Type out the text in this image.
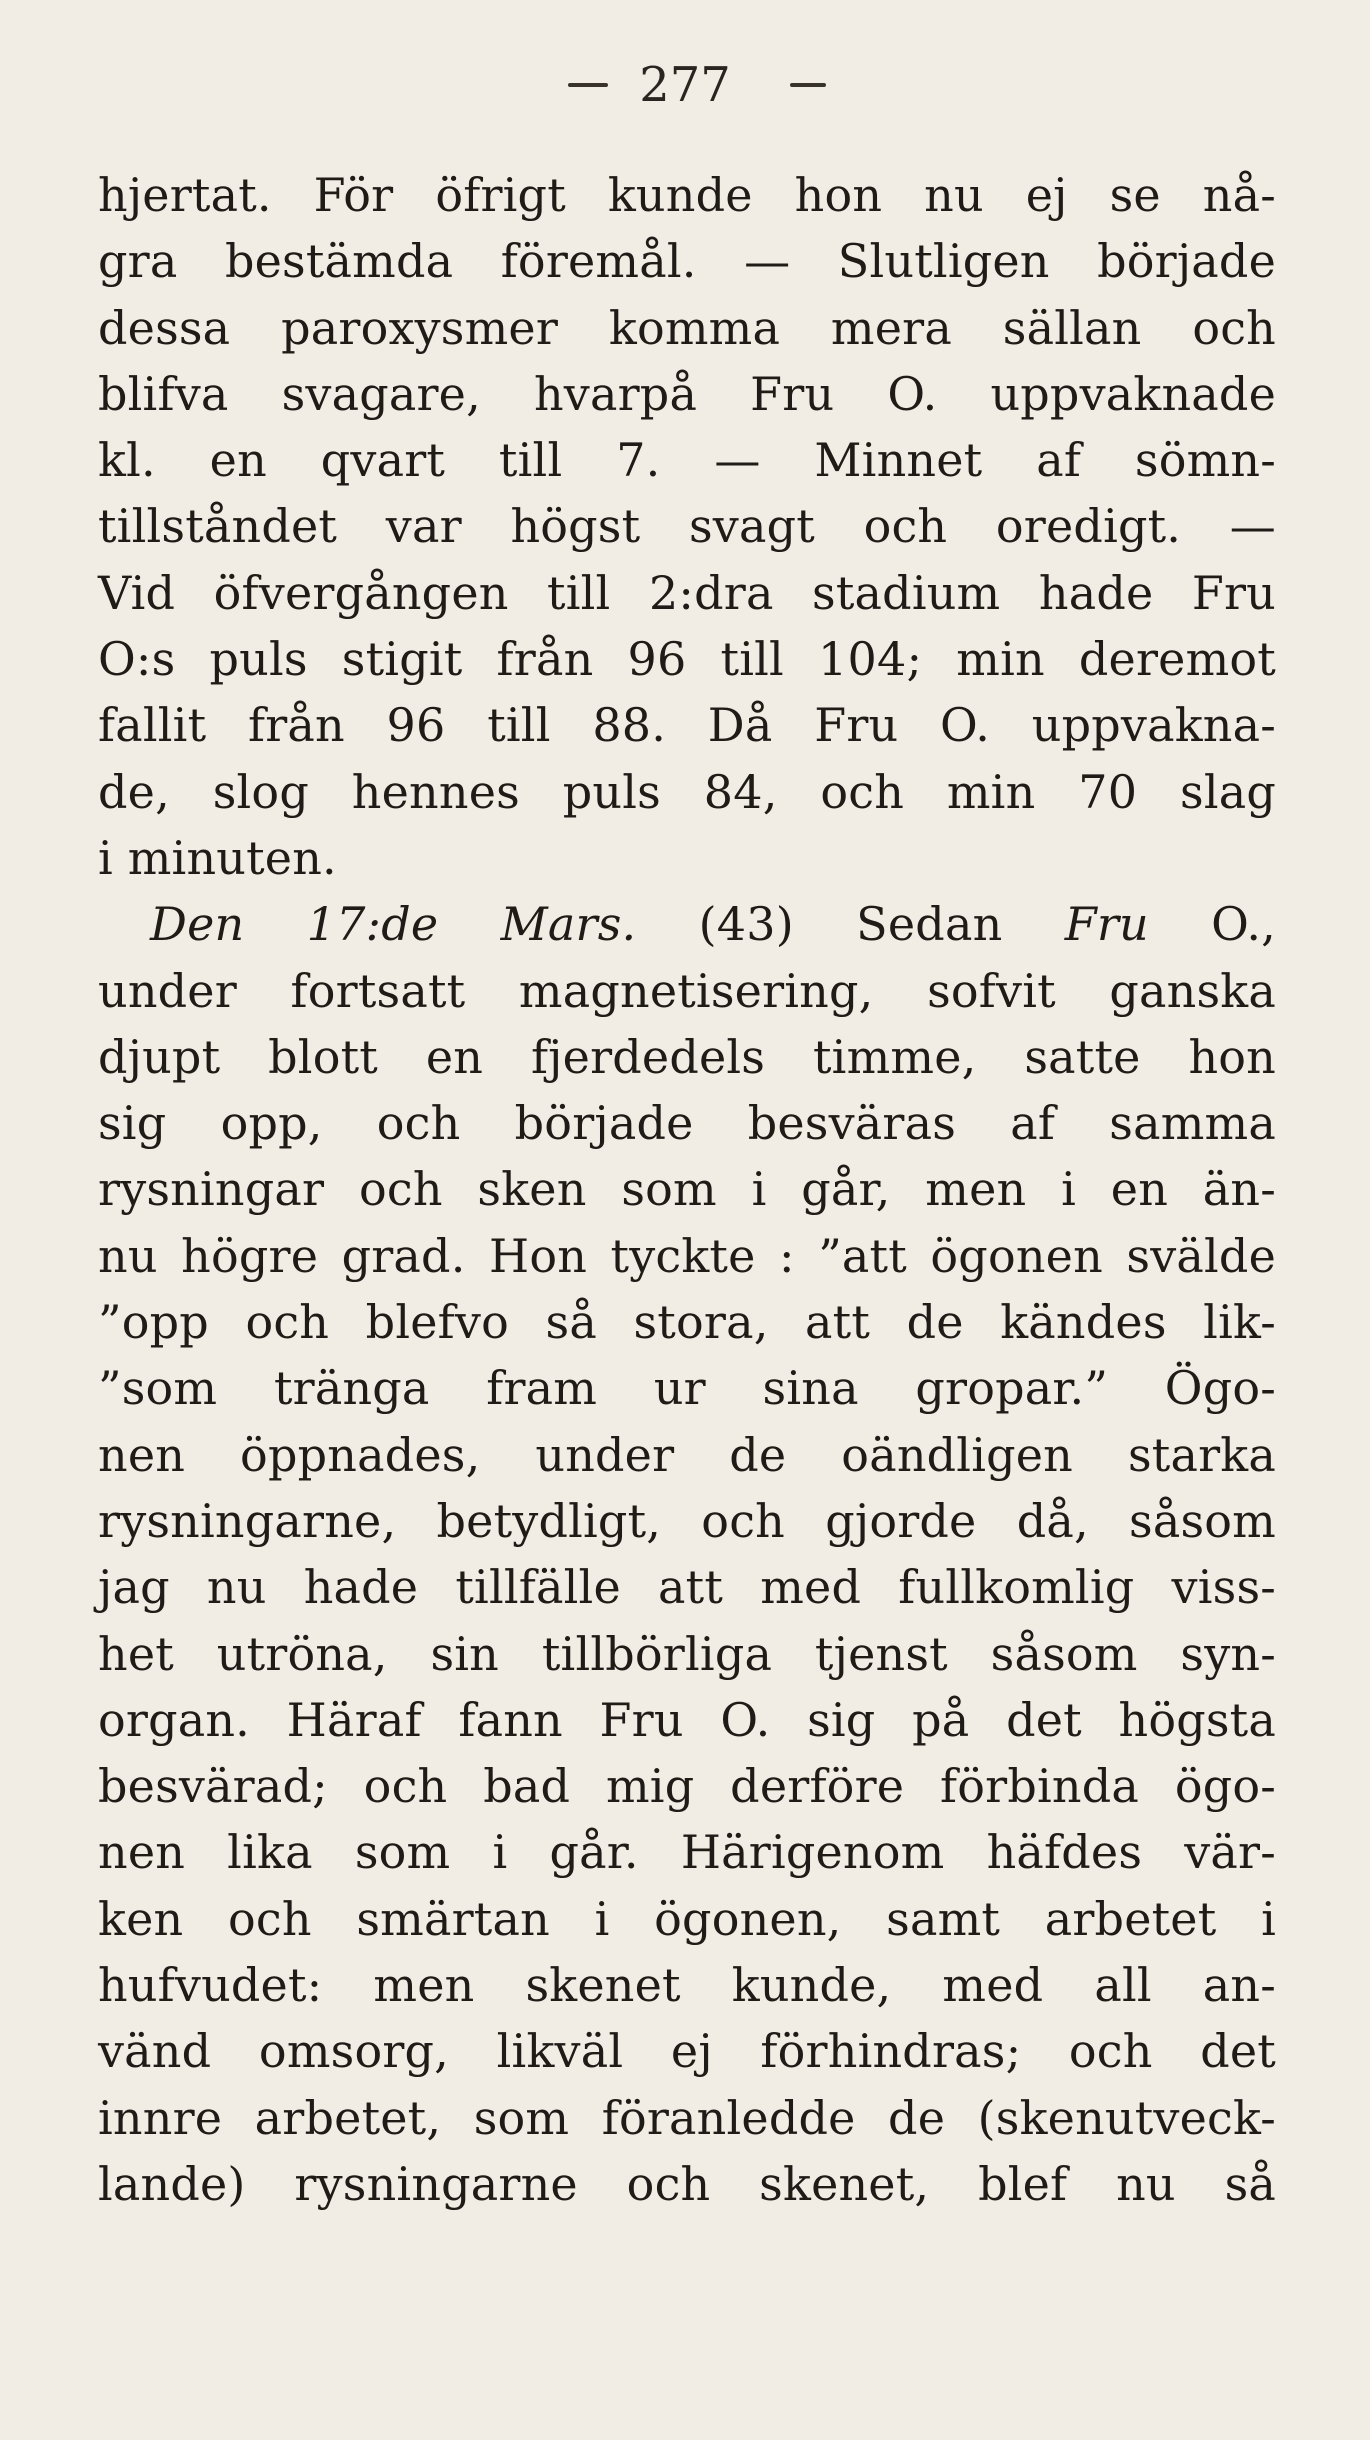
277
hjertat. För öfrigt kunde hon nu ej se nå-
gra bestämda föremål. — Slutligen började
dessa paroxysmer komma mera sällan och
blifva svagare, hvarpå Fru O. uppvaknade
kl. en qvart till 7. — Minnet af sömn-
tillståndet var högst svagt och oredigt. —
Vid öfvergången till 2:dra stadium hade Fru
O:s puls stigit från 96 till 104; min deremot
fallit från 96 till 88. Då Fru O. uppvakna-
de, slog hennes puls 84, och min 70 slag
i minuten.
Den 17:de Mars. (43) Sedan Fru O.,
under fortsatt magnetisering, sofvit ganska
djupt blott en fjerdedels timme, satte hon
sig opp, och började besväras af samma
rysningar och sken som i går, men i en än-
nu högre grad. Hon tyckte : ”att ögonen svälde
”opp och blefvo så stora, att de kändes lik-
”som tränga fram ur sina gropar.” Ögo-
nen öppnades, under de oändligen starka
rysningarne, betydligt, och gjorde då, såsom
jag nu hade tillfälle att med fullkomlig viss-
het utröna, sin tillbörliga tjenst såsom syn-
organ. Häraf fann Fru O. sig på det högsta
besvärad; och bad mig derföre förbinda ögo-
nen lika som i går. Härigenom häfdes vär-
ken och smärtan i ögonen, samt arbetet i
hufvudet: men skenet kunde, med all an-
vänd omsorg, likväl ej förhindras; och det
innre arbetet, som föranledde de (skenutveck-
lande) rysningarne och skenet, blef nu så
